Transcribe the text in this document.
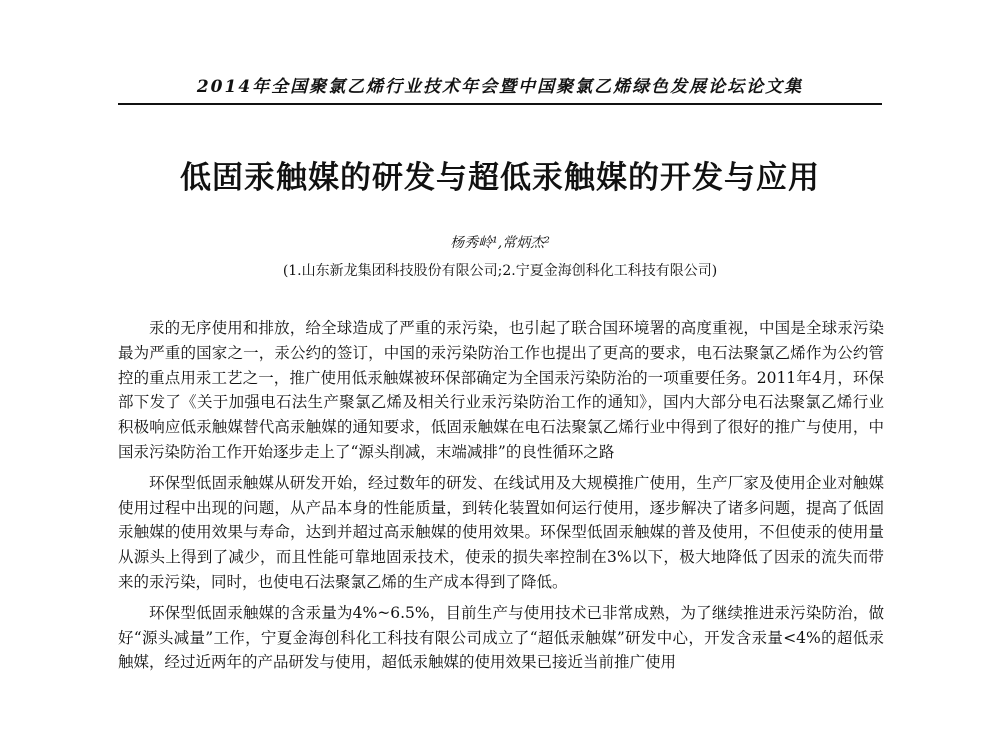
2014年全国聚氯乙烯行业技术年会暨中国聚氯乙烯绿色发展论坛论文集
低固汞触媒的研发与超低汞触媒的开发与应用
杨秀岭¹,常炳杰²
(1.山东新龙集团科技股份有限公司;2.宁夏金海创科化工科技有限公司)

汞的无序使用和排放，给全球造成了严重的汞污染，也引起了联合国环境署的高度重视，中国是全球汞污染最为严重的国家之一，汞公约的签订，中国的汞污染防治工作也提出了更高的要求，电石法聚氯乙烯作为公约管控的重点用汞工艺之一，推广使用低汞触媒被环保部确定为全国汞污染防治的一项重要任务。2011年4月，环保部下发了《关于加强电石法生产聚氯乙烯及相关行业汞污染防治工作的通知》，国内大部分电石法聚氯乙烯行业积极响应低汞触媒替代高汞触媒的通知要求，低固汞触媒在电石法聚氯乙烯行业中得到了很好的推广与使用，中国汞污染防治工作开始逐步走上了“源头削减，末端减排”的良性循环之路

环保型低固汞触媒从研发开始，经过数年的研发、在线试用及大规模推广使用，生产厂家及使用企业对触媒使用过程中出现的问题，从产品本身的性能质量，到转化装置如何运行使用，逐步解决了诸多问题，提高了低固汞触媒的使用效果与寿命，达到并超过高汞触媒的使用效果。环保型低固汞触媒的普及使用，不但使汞的使用量从源头上得到了减少，而且性能可靠地固汞技术，使汞的损失率控制在3%以下，极大地降低了因汞的流失而带来的汞污染，同时，也使电石法聚氯乙烯的生产成本得到了降低。

环保型低固汞触媒的含汞量为4%~6.5%，目前生产与使用技术已非常成熟，为了继续推进汞污染防治，做好“源头减量”工作，宁夏金海创科化工科技有限公司成立了“超低汞触媒”研发中心，开发含汞量<4%的超低汞触媒，经过近两年的产品研发与使用，超低汞触媒的使用效果已接近当前推广使用
